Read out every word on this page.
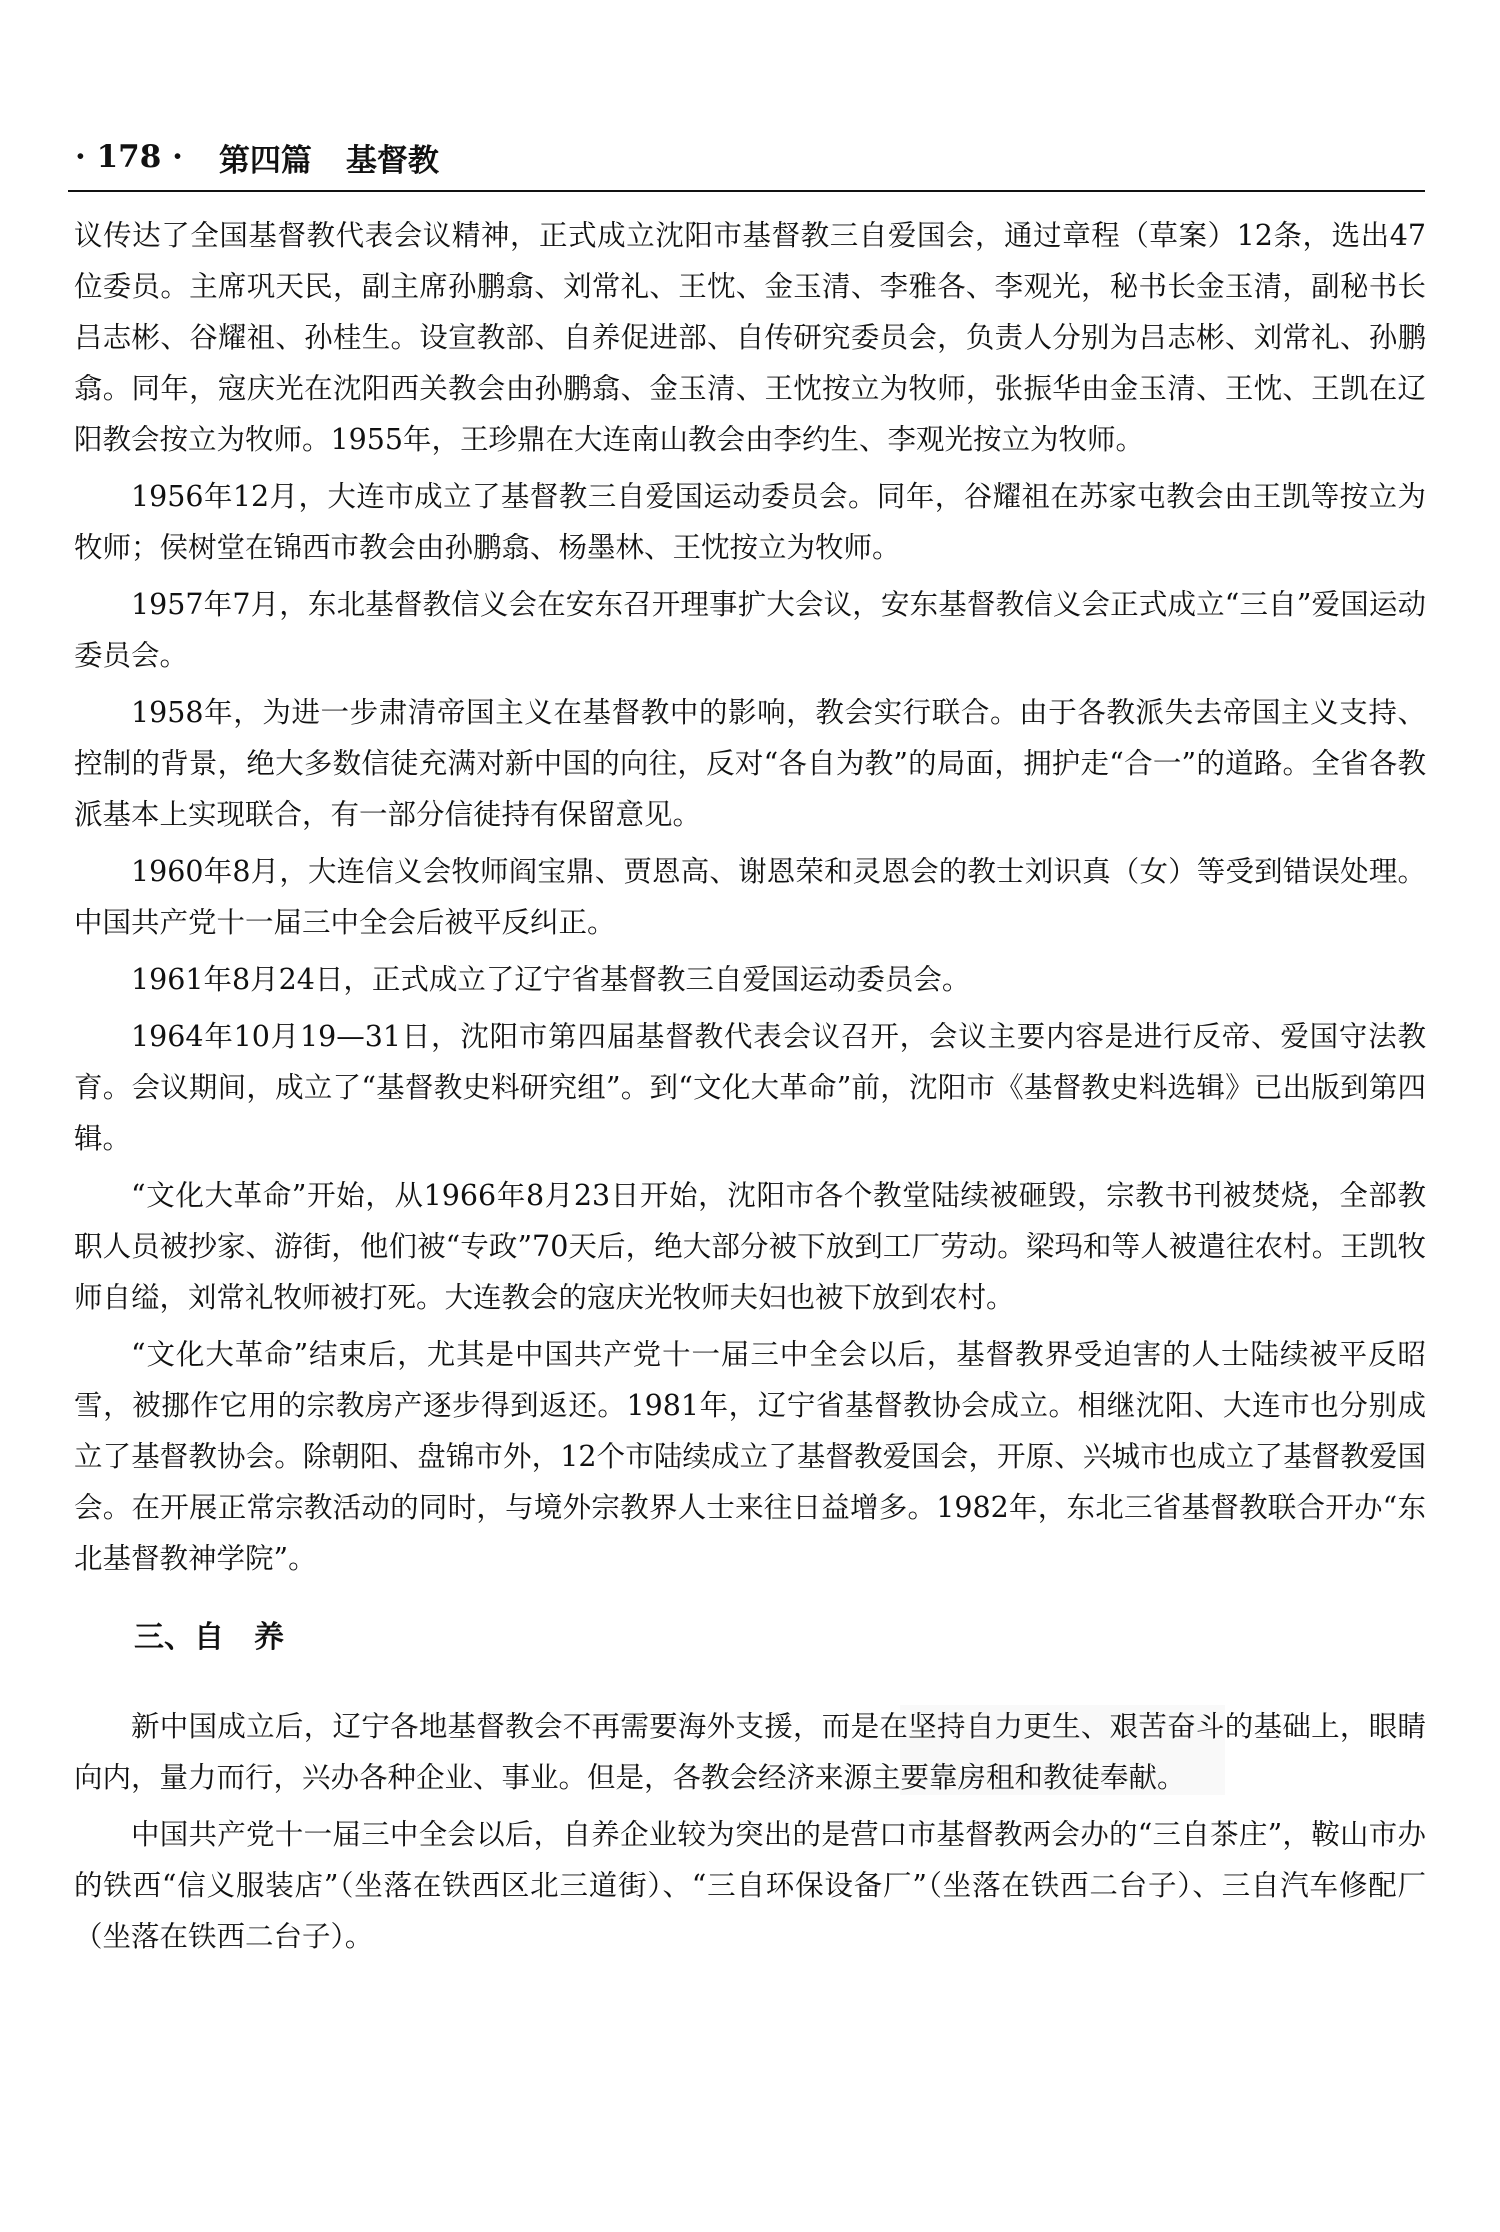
· 178 · 第四篇 基督教

议传达了全国基督教代表会议精神，正式成立沈阳市基督教三自爱国会，通过章程（草案）12条，选出47位委员。主席巩天民，副主席孙鹏翕、刘常礼、王忱、金玉清、李雅各、李观光，秘书长金玉清，副秘书长吕志彬、谷耀祖、孙桂生。设宣教部、自养促进部、自传研究委员会，负责人分别为吕志彬、刘常礼、孙鹏翕。同年，寇庆光在沈阳西关教会由孙鹏翕、金玉清、王忱按立为牧师，张振华由金玉清、王忱、王凯在辽阳教会按立为牧师。1955年，王珍鼎在大连南山教会由李约生、李观光按立为牧师。

1956年12月，大连市成立了基督教三自爱国运动委员会。同年，谷耀祖在苏家屯教会由王凯等按立为牧师；侯树堂在锦西市教会由孙鹏翕、杨墨林、王忱按立为牧师。

1957年7月，东北基督教信义会在安东召开理事扩大会议，安东基督教信义会正式成立“三自”爱国运动委员会。

1958年，为进一步肃清帝国主义在基督教中的影响，教会实行联合。由于各教派失去帝国主义支持、控制的背景，绝大多数信徒充满对新中国的向往，反对“各自为教”的局面，拥护走“合一”的道路。全省各教派基本上实现联合，有一部分信徒持有保留意见。

1960年8月，大连信义会牧师阎宝鼎、贾恩高、谢恩荣和灵恩会的教士刘识真（女）等受到错误处理。中国共产党十一届三中全会后被平反纠正。

1961年8月24日，正式成立了辽宁省基督教三自爱国运动委员会。

1964年10月19—31日，沈阳市第四届基督教代表会议召开，会议主要内容是进行反帝、爱国守法教育。会议期间，成立了“基督教史料研究组”。到“文化大革命”前，沈阳市《基督教史料选辑》已出版到第四辑。

“文化大革命”开始，从1966年8月23日开始，沈阳市各个教堂陆续被砸毁，宗教书刊被焚烧，全部教职人员被抄家、游街，他们被“专政”70天后，绝大部分被下放到工厂劳动。梁玛和等人被遣往农村。王凯牧师自缢，刘常礼牧师被打死。大连教会的寇庆光牧师夫妇也被下放到农村。

“文化大革命”结束后，尤其是中国共产党十一届三中全会以后，基督教界受迫害的人士陆续被平反昭雪，被挪作它用的宗教房产逐步得到返还。1981年，辽宁省基督教协会成立。相继沈阳、大连市也分别成立了基督教协会。除朝阳、盘锦市外，12个市陆续成立了基督教爱国会，开原、兴城市也成立了基督教爱国会。在开展正常宗教活动的同时，与境外宗教界人士来往日益增多。1982年，东北三省基督教联合开办“东北基督教神学院”。

三、自　养

新中国成立后，辽宁各地基督教会不再需要海外支援，而是在坚持自力更生、艰苦奋斗的基础上，眼睛向内，量力而行，兴办各种企业、事业。但是，各教会经济来源主要靠房租和教徒奉献。

中国共产党十一届三中全会以后，自养企业较为突出的是营口市基督教两会办的“三自茶庄”，鞍山市办的铁西“信义服装店”（坐落在铁西区北三道街）、“三自环保设备厂”（坐落在铁西二台子）、三自汽车修配厂（坐落在铁西二台子）。
